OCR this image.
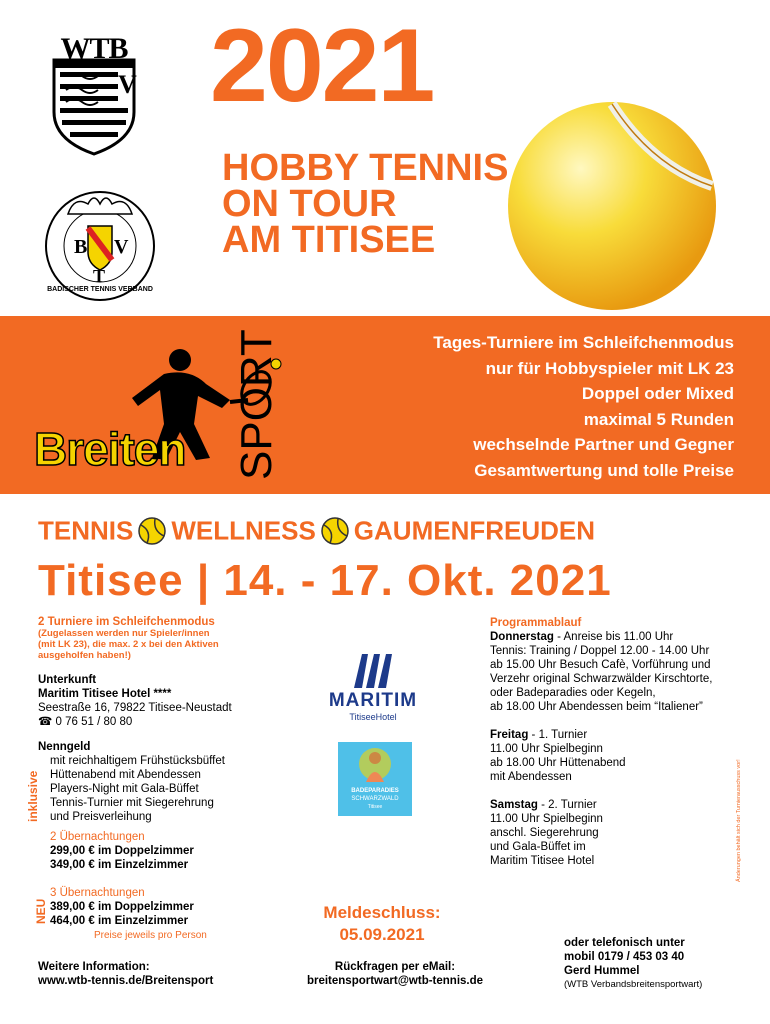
WTB
V
B
T
V
BADISCHER TENNIS VERBAND
2021
HOBBY TENNIS
ON TOUR
AM TITISEE
Breiten SPORT	Tages-Turniere im Schleifchenmodus
nur für Hobbyspieler mit LK 23
Doppel oder Mixed
maximal 5 Runden
wechselnde Partner und Gegner
Gesamtwertung und tolle Preise
TENNIS WELLNESS GAUMENFREUDEN
Titisee | 14. - 17. Okt. 2021
2 Turniere im Schleifchenmodus
(Zugelassen werden nur Spieler/innen
(mit LK 23), die max. 2 x bei den Aktiven
ausgeholfen haben!)
Unterkunft
Maritim Titisee Hotel ****
Seestraße 16, 79822 Titisee-Neustadt
☎ 0 76 51 / 80 80
Nenngeld
mit reichhaltigem Frühstücksbüffet
Hüttenabend mit Abendessen
Players-Night mit Gala-Büffet
Tennis-Turnier mit Siegerehrung
und Preisverleihung
inklusive
2 Übernachtungen
299,00 € im Doppelzimmer
349,00 € im Einzelzimmer
NEU
3 Übernachtungen
389,00 € im Doppelzimmer
464,00 € im Einzelzimmer
Preise jeweils pro Person
Weitere Information:
www.wtb-tennis.de/Breitensport
MARITIM
TitiseeHotel
BADEPARADIES
SCHWARZWALD
Titisee
Meldeschluss:
05.09.2021
Rückfragen per eMail:
breitensportwart@wtb-tennis.de
Programmablauf
Donnerstag - Anreise bis 11.00 Uhr
Tennis: Training / Doppel 12.00 - 14.00 Uhr
ab 15.00 Uhr Besuch Cafè, Vorführung und
Verzehr original Schwarzwälder Kirschtorte,
oder Badeparadies oder Kegeln,
ab 18.00 Uhr Abendessen beim “Italiener”
Freitag - 1. Turnier
11.00 Uhr Spielbeginn
ab 18.00 Uhr Hüttenabend
mit Abendessen
Samstag - 2. Turnier
11.00 Uhr Spielbeginn
anschl. Siegerehrung
und Gala-Büffet im
Maritim Titisee Hotel	Änderungen behält sich der Turnierausschuss vor!
oder telefonisch unter
mobil 0179 / 453 03 40
Gerd Hummel
(WTB Verbandsbreitensportwart)
